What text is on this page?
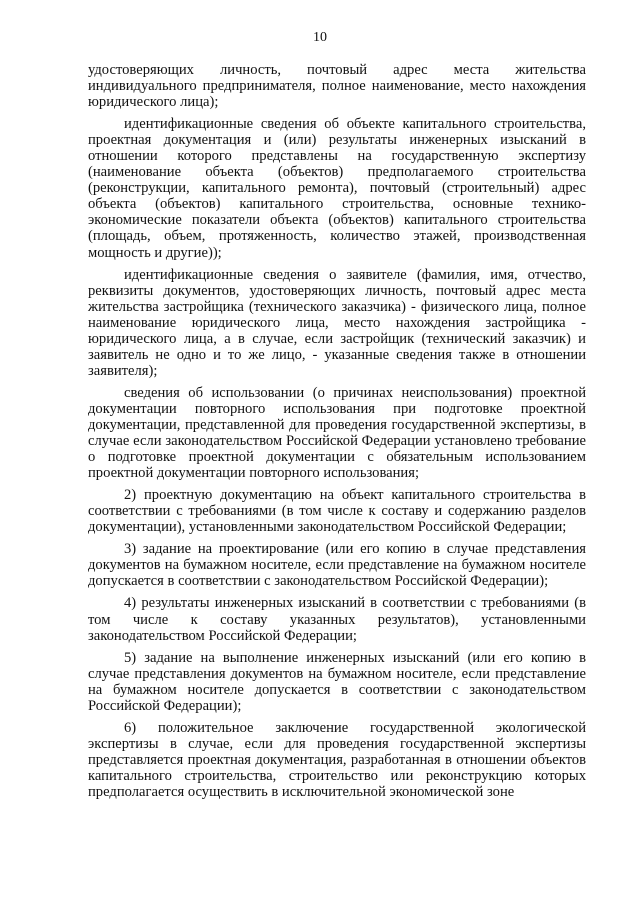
10

удостоверяющих личность, почтовый адрес места жительства индивидуального предпринимателя, полное наименование, место нахождения юридического лица);

идентификационные сведения об объекте капитального строительства, проектная документация и (или) результаты инженерных изысканий в отношении которого представлены на государственную экспертизу (наименование объекта (объектов) предполагаемого строительства (реконструкции, капитального ремонта), почтовый (строительный) адрес объекта (объектов) капитального строительства, основные технико-экономические показатели объекта (объектов) капитального строительства (площадь, объем, протяженность, количество этажей, производственная мощность и другие));

идентификационные сведения о заявителе (фамилия, имя, отчество, реквизиты документов, удостоверяющих личность, почтовый адрес места жительства застройщика (технического заказчика) - физического лица, полное наименование юридического лица, место нахождения застройщика - юридического лица, а в случае, если застройщик (технический заказчик) и заявитель не одно и то же лицо, - указанные сведения также в отношении заявителя);

сведения об использовании (о причинах неиспользования) проектной документации повторного использования при подготовке проектной документации, представленной для проведения государственной экспертизы, в случае если законодательством Российской Федерации установлено требование о подготовке проектной документации с обязательным использованием проектной документации повторного использования;

2) проектную документацию на объект капитального строительства в соответствии с требованиями (в том числе к составу и содержанию разделов документации), установленными законодательством Российской Федерации;

3) задание на проектирование (или его копию в случае представления документов на бумажном носителе, если представление на бумажном носителе допускается в соответствии с законодательством Российской Федерации);

4) результаты инженерных изысканий в соответствии с требованиями (в том числе к составу указанных результатов), установленными законодательством Российской Федерации;

5) задание на выполнение инженерных изысканий (или его копию в случае представления документов на бумажном носителе, если представление на бумажном носителе допускается в соответствии с законодательством Российской Федерации);

6) положительное заключение государственной экологической экспертизы в случае, если для проведения государственной экспертизы представляется проектная документация, разработанная в отношении объектов капитального строительства, строительство или реконструкцию которых предполагается осуществить в исключительной экономической зоне
